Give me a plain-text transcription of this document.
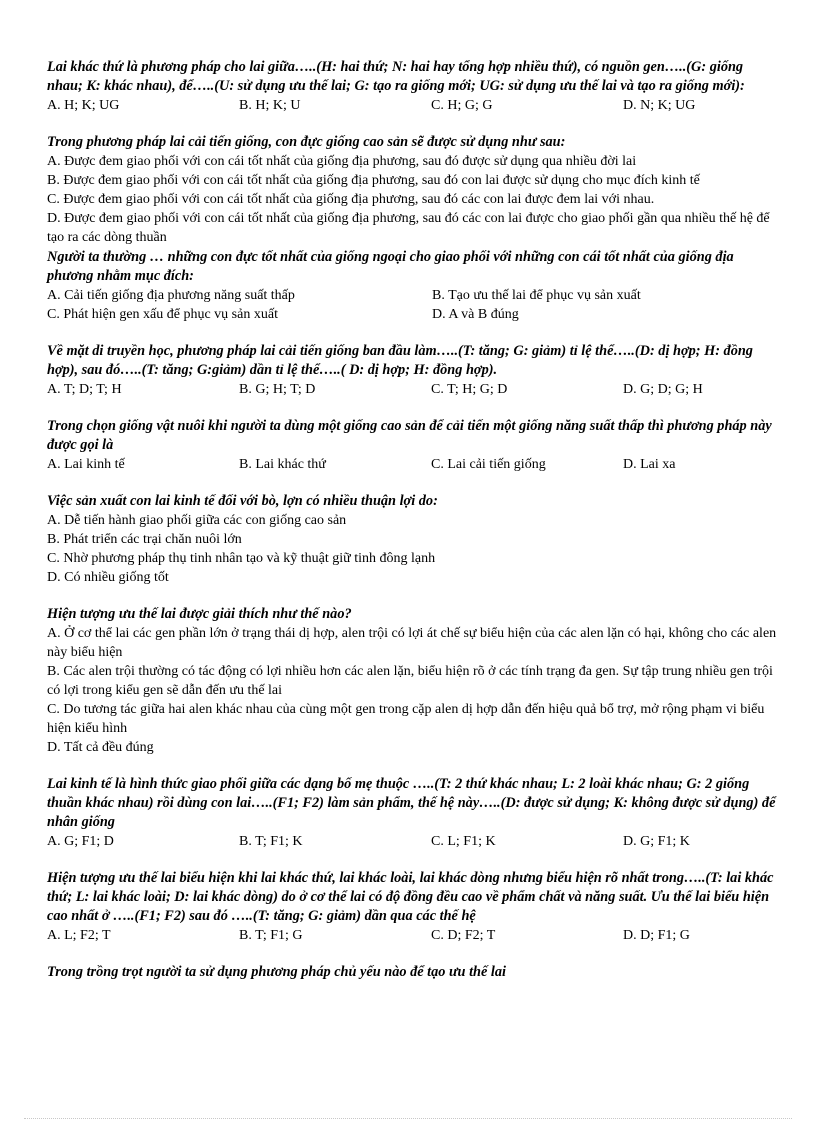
Lai khác thứ là phương pháp cho lai giữa…..(H: hai thứ; N: hai hay tổng hợp nhiều thứ), có nguồn gen…..(G: giống nhau; K: khác nhau), để…..(U: sử dụng ưu thế lai; G: tạo ra giống mới; UG: sử dụng ưu thế lai và tạo ra giống mới):

A. H; K; UG	B. H; K; U	C. H; G; G	D. N; K; UG

Trong phương pháp lai cải tiến giống, con đực giống cao sản sẽ được sử dụng như sau:

A. Được đem giao phối với con cái tốt nhất của giống địa phương, sau đó được sử dụng qua nhiều đời lai

B. Được đem giao phối với con cái tốt nhất của giống địa phương, sau đó con lai được sử dụng cho mục đích kinh tế

C. Được đem giao phối với con cái tốt nhất của giống địa phương, sau đó các con lai được đem lai với nhau.

D. Được đem giao phối với con cái tốt nhất của giống địa phương, sau đó các con lai được cho giao phối gần qua nhiều thế hệ để tạo ra các dòng thuần

Người ta thường … những con đực tốt nhất của giống ngoại cho giao phối với những con cái tốt nhất của giống địa phương nhằm mục đích:

A. Cải tiến giống địa phương năng suất thấp	B. Tạo ưu thế lai để phục vụ sản xuất
C. Phát hiện gen xấu để phục vụ sản xuất	D. A và B đúng

Về mặt di truyền học, phương pháp lai cải tiến giống ban đầu làm…..(T: tăng; G: giảm) tỉ lệ thể…..(D: dị hợp; H: đồng hợp), sau đó…..(T: tăng; G:giảm) dần tỉ lệ thể…..( D: dị hợp; H: đồng hợp).

A. T; D; T; H	B. G; H; T; D	C. T; H; G; D	D. G; D; G; H

Trong chọn giống vật nuôi khi người ta dùng một giống cao sản để cải tiến một giống năng suất thấp thì phương pháp này được gọi là

A. Lai kinh tế	B. Lai khác thứ	C. Lai cải tiến giống	D. Lai xa

Việc sản xuất con lai kinh tế đối với bò, lợn có nhiều thuận lợi do:

A. Dễ tiến hành giao phối giữa các con giống cao sản

B. Phát triển các trại chăn nuôi lớn

C. Nhờ phương pháp thụ tinh nhân tạo và kỹ thuật giữ tinh đông lạnh

D. Có nhiều giống tốt

Hiện tượng ưu thế lai được giải thích như thế nào?

A. Ở cơ thể lai các gen phần lớn ở trạng thái dị hợp, alen trội có lợi át chế sự biểu hiện của các alen lặn có hại, không cho các alen này biểu hiện

B. Các alen trội thường có tác động có lợi nhiều hơn các alen lặn, biểu hiện rõ ở các tính trạng đa gen. Sự tập trung nhiều gen trội có lợi trong kiểu gen sẽ dẫn đến ưu thế lai

C. Do tương tác giữa hai alen khác nhau của cùng một gen trong cặp alen dị hợp dẫn đến hiệu quả bổ trợ, mở rộng phạm vi biểu hiện kiểu hình

D. Tất cả đều đúng

Lai kinh tế là hình thức giao phối giữa các dạng bố mẹ thuộc …..(T: 2 thứ khác nhau; L: 2 loài khác nhau; G: 2 giống thuần khác nhau) rồi dùng con lai…..(F1; F2) làm sản phẩm, thế hệ này…..(D: được sử dụng; K: không được sử dụng) để nhân giống

A. G; F1; D	B. T; F1; K	C. L; F1; K	D. G; F1; K

Hiện tượng ưu thế lai biểu hiện khi lai khác thứ, lai khác loài, lai khác dòng nhưng biểu hiện rõ nhất trong…..(T: lai khác thứ; L: lai khác loài; D: lai khác dòng) do ở cơ thể lai có độ đồng đều cao về phẩm chất và năng suất. Ưu thế lai biểu hiện cao nhất ở …..(F1; F2) sau đó …..(T: tăng; G: giảm) dần qua các thế hệ

A. L; F2; T	B. T; F1; G	C. D; F2; T	D. D; F1; G

Trong trồng trọt người ta sử dụng phương pháp chủ yếu nào để tạo ưu thế lai
